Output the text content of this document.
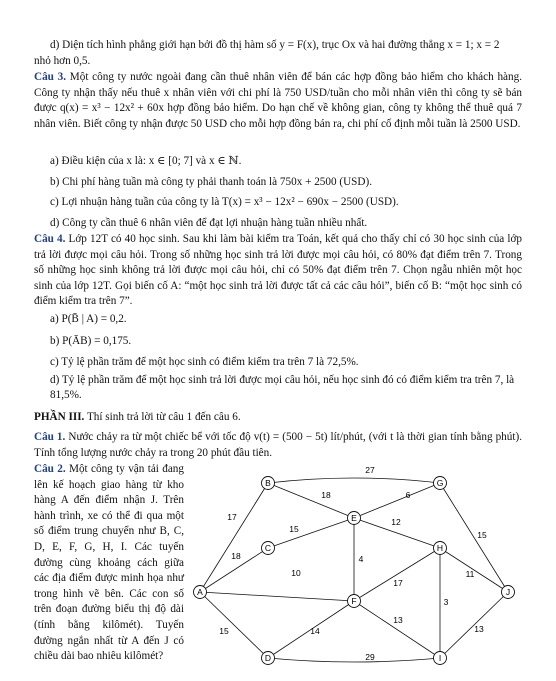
d) Diện tích hình phẳng giới hạn bởi đồ thị hàm số y = F(x), trục Ox và hai đường thẳng x = 1; x = 2

nhỏ hơn 0,5.

Câu 3. Một công ty nước ngoài đang cần thuê nhân viên để bán các hợp đồng bảo hiểm cho khách hàng. Công ty nhận thấy nếu thuê x nhân viên với chi phí là 750 USD/tuần cho mỗi nhân viên thì công ty sẽ bán được q(x) = x³ − 12x² + 60x hợp đồng bảo hiểm. Do hạn chế về không gian, công ty không thể thuê quá 7 nhân viên. Biết công ty nhận được 50 USD cho mỗi hợp đồng bán ra, chi phí cố định mỗi tuần là 2500 USD.

a) Điều kiện của x là: x ∈ [0; 7] và x ∈ ℕ.

b) Chi phí hàng tuần mà công ty phải thanh toán là 750x + 2500 (USD).

c) Lợi nhuận hàng tuần của công ty là T(x) = x³ − 12x² − 690x − 2500 (USD).

d) Công ty cần thuê 6 nhân viên để đạt lợi nhuận hàng tuần nhiều nhất.

Câu 4. Lớp 12T có 40 học sinh. Sau khi làm bài kiểm tra Toán, kết quả cho thấy chỉ có 30 học sinh của lớp trả lời được mọi câu hỏi. Trong số những học sinh trả lời được mọi câu hỏi, có 80% đạt điểm trên 7. Trong số những học sinh không trả lời được mọi câu hỏi, chỉ có 50% đạt điểm trên 7. Chọn ngẫu nhiên một học sinh của lớp 12T. Gọi biến cố A: “một học sinh trả lời được tất cả các câu hỏi”, biến cố B: “một học sinh có điểm kiểm tra trên 7”.

a) P(B̄ | A) = 0,2.

b) P(ĀB) = 0,175.

c) Tỷ lệ phần trăm để một học sinh có điểm kiểm tra trên 7 là 72,5%.

d) Tỷ lệ phần trăm để một học sinh trả lời được mọi câu hỏi, nếu học sinh đó có điểm kiểm tra trên 7, là 81,5%.

PHẦN III. Thí sinh trả lời từ câu 1 đến câu 6.

Câu 1. Nước chảy ra từ một chiếc bể với tốc độ v(t) = (500 − 5t) lít/phút, (với t là thời gian tính bằng phút). Tính tổng lượng nước chảy ra trong 20 phút đầu tiên.

Câu 2. Một công ty vận tải đang lên kế hoạch giao hàng từ kho hàng A đến điểm nhận J. Trên hành trình, xe có thể đi qua một số điểm trung chuyển như B, C, D, E, F, G, H, I. Các tuyến đường cùng khoảng cách giữa các địa điểm được minh họa như trong hình vẽ bên. Các con số trên đoạn đường biểu thị độ dài (tính bằng kilômét). Tuyến đường ngắn nhất từ A đến J có chiều dài bao nhiêu kilômét?

17
18
10
15
18
27
15
6
12
4
17
14
13
3
11
15
13
29
A
B
C
D
E
F
G
H
I
J
